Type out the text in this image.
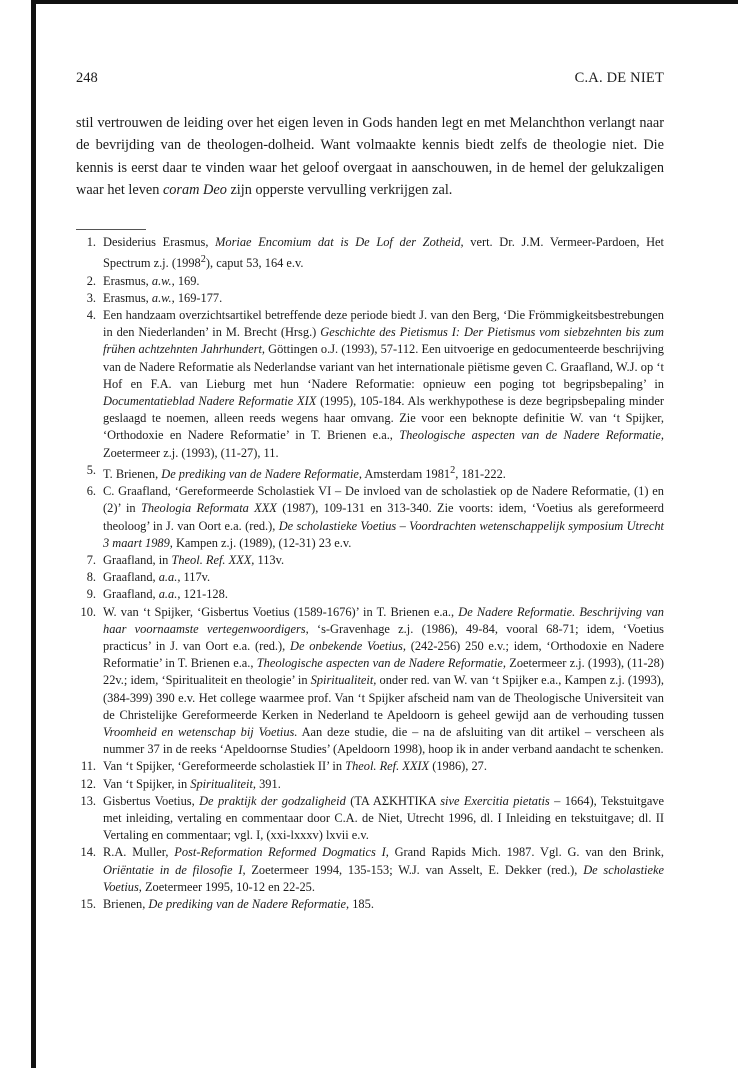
248	C.A. DE NIET
stil vertrouwen de leiding over het eigen leven in Gods handen legt en met Melanchthon verlangt naar de bevrijding van de theologen-dolheid. Want volmaakte kennis biedt zelfs de theologie niet. Die kennis is eerst daar te vinden waar het geloof overgaat in aanschouwen, in de hemel der gelukzaligen waar het leven coram Deo zijn opperste vervulling verkrijgen zal.
1. Desiderius Erasmus, Moriae Encomium dat is De Lof der Zotheid, vert. Dr. J.M. Vermeer-Pardoen, Het Spectrum z.j. (1998$^2$), caput 53, 164 e.v.
2. Erasmus, a.w., 169.
3. Erasmus, a.w., 169-177.
4. Een handzaam overzichtsartikel betreffende deze periode biedt J. van den Berg, ‘Die Frömmigkeitsbestrebungen in den Niederlanden’ in M. Brecht (Hrsg.) Geschichte des Pietismus I: Der Pietismus vom siebzehnten bis zum frühen achtzehnten Jahrhundert, Göttingen o.J. (1993), 57-112. Een uitvoerige en gedocumenteerde beschrijving van de Nadere Reformatie als Nederlandse variant van het internationale piëtisme geven C. Graafland, W.J. op ‘t Hof en F.A. van Lieburg met hun ‘Nadere Reformatie: opnieuw een poging tot begripsbepaling’ in Documentatieblad Nadere Reformatie XIX (1995), 105-184. Als werkhypothese is deze begripsbepaling minder geslaagd te noemen, alleen reeds wegens haar omvang. Zie voor een beknopte definitie W. van ‘t Spijker, ‘Orthodoxie en Nadere Reformatie’ in T. Brienen e.a., Theologische aspecten van de Nadere Reformatie, Zoetermeer z.j. (1993), (11-27), 11.
5. T. Brienen, De prediking van de Nadere Reformatie, Amsterdam 1981$^2$, 181-222.
6. C. Graafland, ‘Gereformeerde Scholastiek VI – De invloed van de scholastiek op de Nadere Reformatie, (1) en (2)’ in Theologia Reformata XXX (1987), 109-131 en 313-340. Zie voorts: idem, ‘Voetius als gereformeerd theoloog’ in J. van Oort e.a. (red.), De scholastieke Voetius – Voordrachten wetenschappelijk symposium Utrecht 3 maart 1989, Kampen z.j. (1989), (12-31) 23 e.v.
7. Graafland, in Theol. Ref. XXX, 113v.
8. Graafland, a.a., 117v.
9. Graafland, a.a., 121-128.
10. W. van ‘t Spijker, ‘Gisbertus Voetius (1589-1676)’ in T. Brienen e.a., De Nadere Reformatie. Beschrijving van haar voornaamste vertegenwoordigers, ‘s-Gravenhage z.j. (1986), 49-84, vooral 68-71; idem, ‘Voetius practicus’ in J. van Oort e.a. (red.), De onbekende Voetius, (242-256) 250 e.v.; idem, ‘Orthodoxie en Nadere Reformatie’ in T. Brienen e.a., Theologische aspecten van de Nadere Reformatie, Zoetermeer z.j. (1993), (11-28) 22v.; idem, ‘Spiritualiteit en theologie’ in Spiritualiteit, onder red. van W. van ‘t Spijker e.a., Kampen z.j. (1993), (384-399) 390 e.v. Het college waarmee prof. Van ‘t Spijker afscheid nam van de Theologische Universiteit van de Christelijke Gereformeerde Kerken in Nederland te Apeldoorn is geheel gewijd aan de verhouding tussen Vroomheid en wetenschap bij Voetius. Aan deze studie, die – na de afsluiting van dit artikel – verscheen als nummer 37 in de reeks ‘Apeldoornse Studies’ (Apeldoorn 1998), hoop ik in ander verband aandacht te schenken.
11. Van ‘t Spijker, ‘Gereformeerde scholastiek II’ in Theol. Ref. XXIX (1986), 27.
12. Van ‘t Spijker, in Spiritualiteit, 391.
13. Gisbertus Voetius, De praktijk der godzaligheid (ΤΑ ΑΣΚΗΤΙΚΑ sive Exercitia pietatis – 1664), Tekstuitgave met inleiding, vertaling en commentaar door C.A. de Niet, Utrecht 1996, dl. I Inleiding en tekstuitgave; dl. II Vertaling en commentaar; vgl. I, (xxi-lxxxv) lxvii e.v.
14. R.A. Muller, Post-Reformation Reformed Dogmatics I, Grand Rapids Mich. 1987. Vgl. G. van den Brink, Oriëntatie in de filosofie I, Zoetermeer 1994, 135-153; W.J. van Asselt, E. Dekker (red.), De scholastieke Voetius, Zoetermeer 1995, 10-12 en 22-25.
15. Brienen, De prediking van de Nadere Reformatie, 185.
